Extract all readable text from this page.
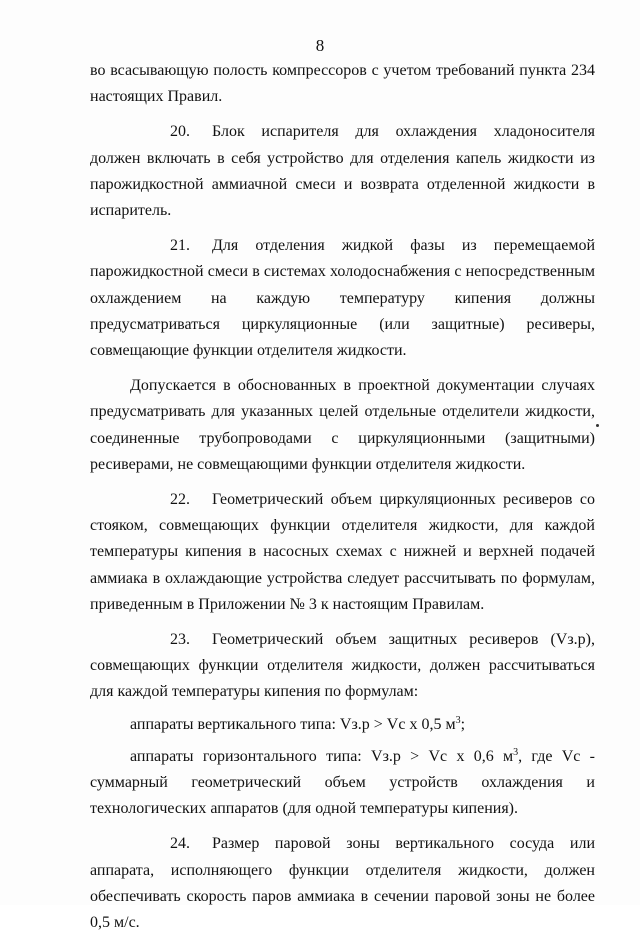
8

во всасывающую полость компрессоров с учетом требований пункта 234 настоящих Правил.

20. Блок испарителя для охлаждения хладоносителя должен включать в себя устройство для отделения капель жидкости из парожидкостной аммиачной смеси и возврата отделенной жидкости в испаритель.

21. Для отделения жидкой фазы из перемещаемой парожидкостной смеси в системах холодоснабжения с непосредственным охлаждением на каждую температуру кипения должны предусматриваться циркуляционные (или защитные) ресиверы, совмещающие функции отделителя жидкости.

Допускается в обоснованных в проектной документации случаях предусматривать для указанных целей отдельные отделители жидкости, соединенные трубопроводами с циркуляционными (защитными) ресиверами, не совмещающими функции отделителя жидкости.

22. Геометрический объем циркуляционных ресиверов со стояком, совмещающих функции отделителя жидкости, для каждой температуры кипения в насосных схемах с нижней и верхней подачей аммиака в охлаждающие устройства следует рассчитывать по формулам, приведенным в Приложении № 3 к настоящим Правилам.

23. Геометрический объем защитных ресиверов (Vз.р), совмещающих функции отделителя жидкости, должен рассчитываться для каждой температуры кипения по формулам:

аппараты вертикального типа: Vз.р > Vс х 0,5 $м^3$;

аппараты горизонтального типа: Vз.р > Vс х 0,6 $м^3$, где Vс - суммарный геометрический объем устройств охлаждения и технологических аппаратов (для одной температуры кипения).

24. Размер паровой зоны вертикального сосуда или аппарата, исполняющего функции отделителя жидкости, должен обеспечивать скорость паров аммиака в сечении паровой зоны не более 0,5 м/с.
